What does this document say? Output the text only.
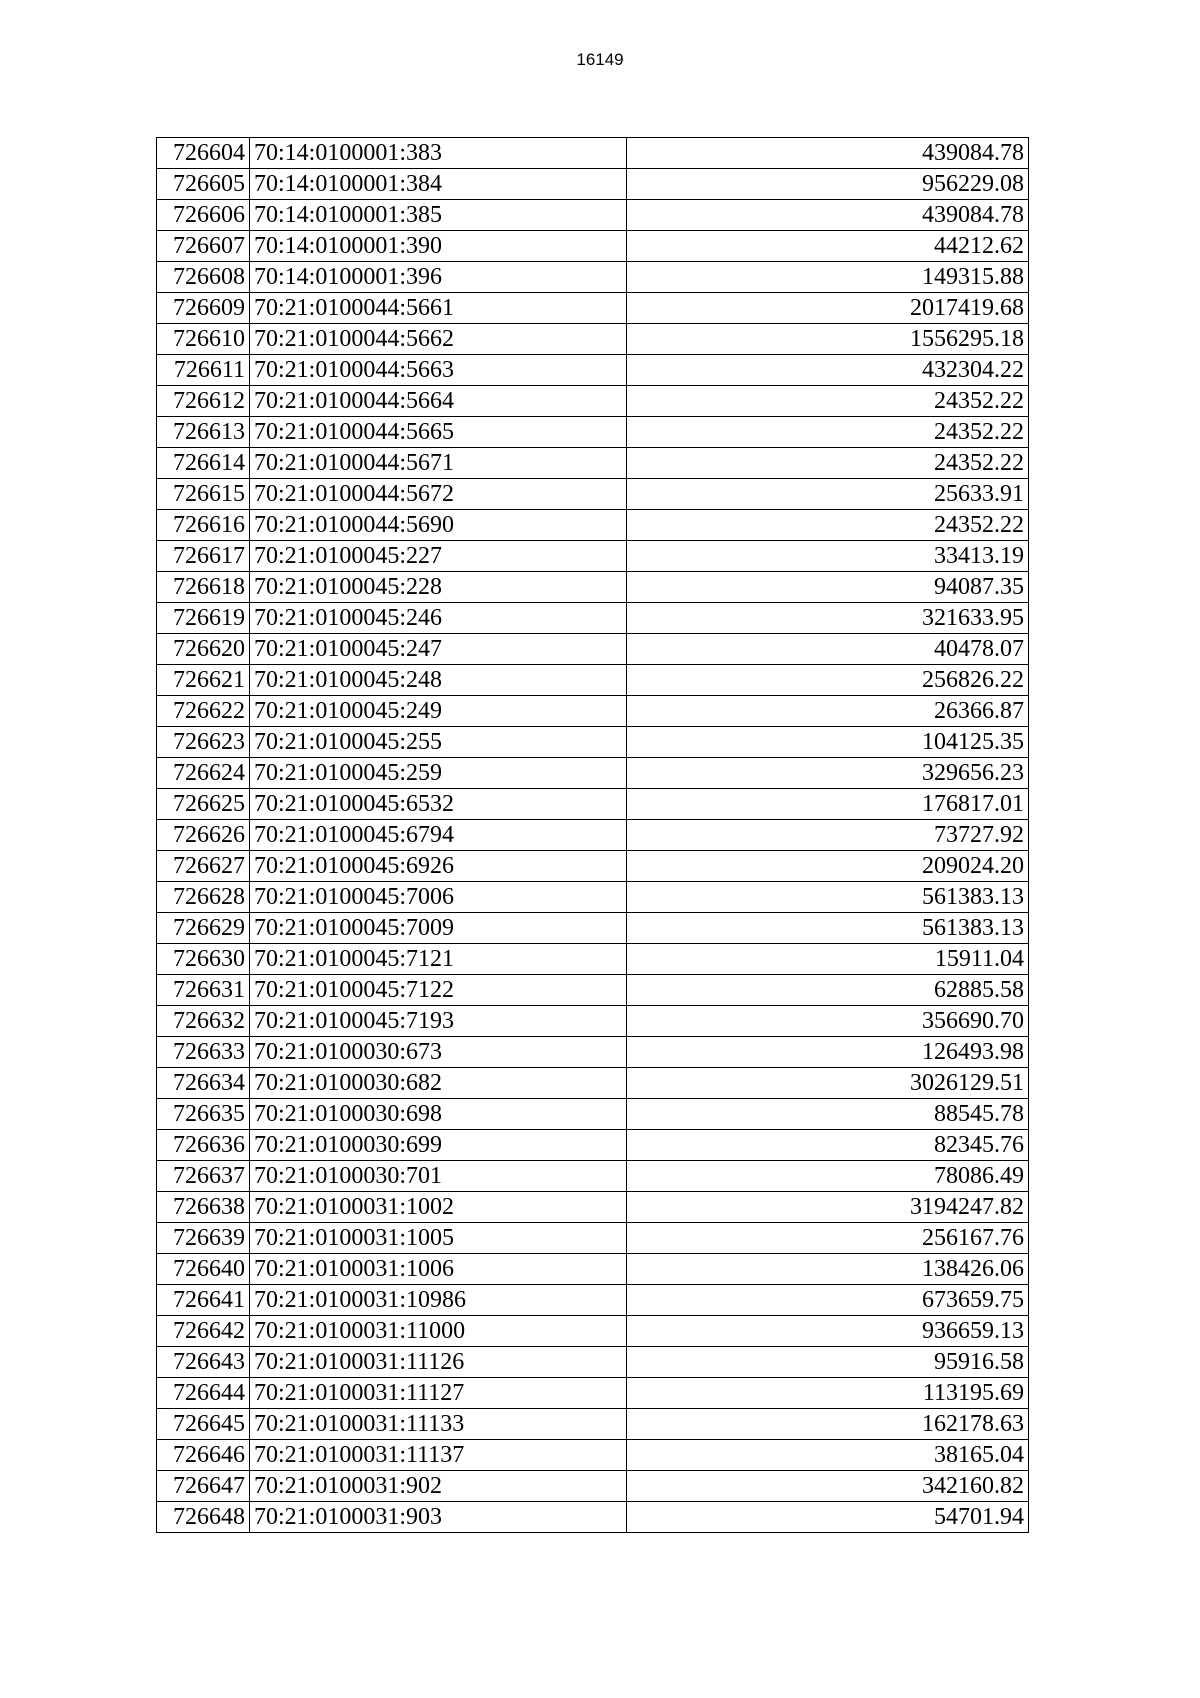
16149
726604	70:14:0100001:383	439084.78
726605	70:14:0100001:384	956229.08
726606	70:14:0100001:385	439084.78
726607	70:14:0100001:390	44212.62
726608	70:14:0100001:396	149315.88
726609	70:21:0100044:5661	2017419.68
726610	70:21:0100044:5662	1556295.18
726611	70:21:0100044:5663	432304.22
726612	70:21:0100044:5664	24352.22
726613	70:21:0100044:5665	24352.22
726614	70:21:0100044:5671	24352.22
726615	70:21:0100044:5672	25633.91
726616	70:21:0100044:5690	24352.22
726617	70:21:0100045:227	33413.19
726618	70:21:0100045:228	94087.35
726619	70:21:0100045:246	321633.95
726620	70:21:0100045:247	40478.07
726621	70:21:0100045:248	256826.22
726622	70:21:0100045:249	26366.87
726623	70:21:0100045:255	104125.35
726624	70:21:0100045:259	329656.23
726625	70:21:0100045:6532	176817.01
726626	70:21:0100045:6794	73727.92
726627	70:21:0100045:6926	209024.20
726628	70:21:0100045:7006	561383.13
726629	70:21:0100045:7009	561383.13
726630	70:21:0100045:7121	15911.04
726631	70:21:0100045:7122	62885.58
726632	70:21:0100045:7193	356690.70
726633	70:21:0100030:673	126493.98
726634	70:21:0100030:682	3026129.51
726635	70:21:0100030:698	88545.78
726636	70:21:0100030:699	82345.76
726637	70:21:0100030:701	78086.49
726638	70:21:0100031:1002	3194247.82
726639	70:21:0100031:1005	256167.76
726640	70:21:0100031:1006	138426.06
726641	70:21:0100031:10986	673659.75
726642	70:21:0100031:11000	936659.13
726643	70:21:0100031:11126	95916.58
726644	70:21:0100031:11127	113195.69
726645	70:21:0100031:11133	162178.63
726646	70:21:0100031:11137	38165.04
726647	70:21:0100031:902	342160.82
726648	70:21:0100031:903	54701.94
